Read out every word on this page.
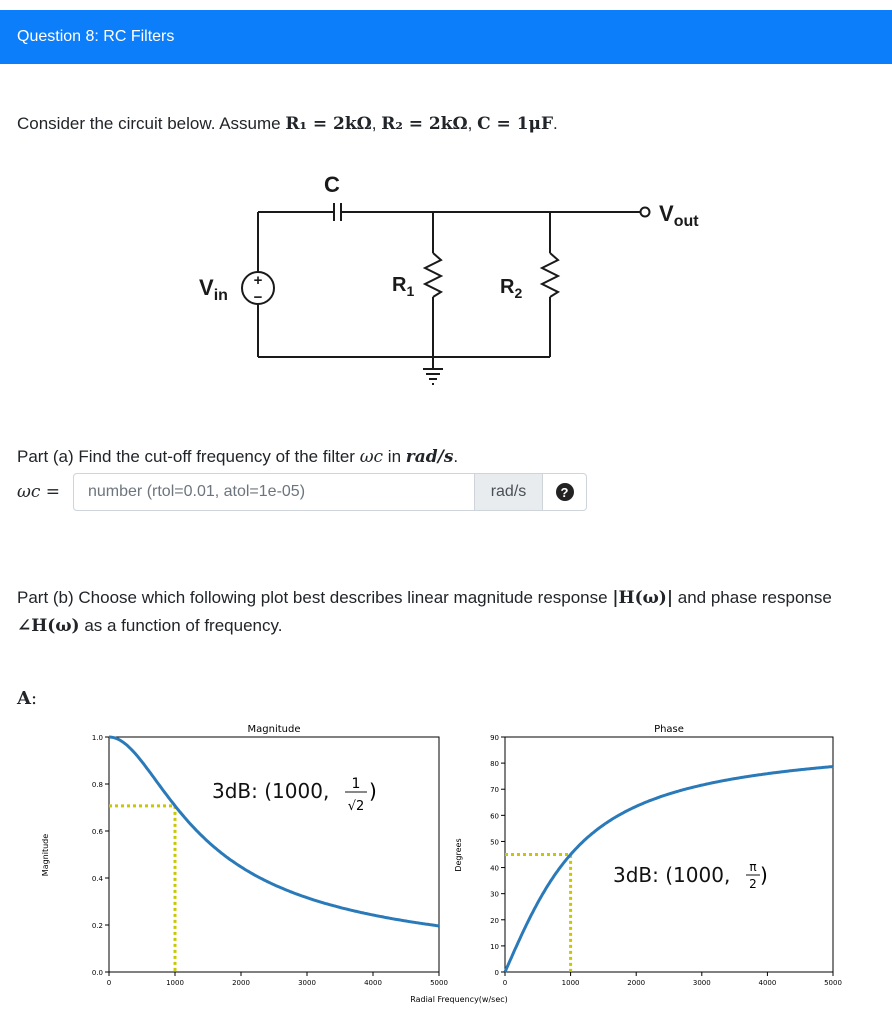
Question 8: RC Filters
Consider the circuit below. Assume R₁ = 2kΩ, R₂ = 2kΩ, C = 1μF.
+
−
C
$V_{out}$
$V_{in}$	$R_1$	$R_2$
Part (a) Find the cut-off frequency of the filter ωc in rad/s.
ωc =	number (rtol=0.01, atol=1e-05)	rad/s	?
Part (b) Choose which following plot best describes linear magnitude response |H(ω)| and phase response ∠H(ω) as a function of frequency.
A:
0.0
0.2
0.4
0.6
0.8
1.0
0	1000	2000	3000	4000	5000
0
10
20
30
40
50
60
70
80
90
0	1000	2000	3000	4000	5000
Magnitude	Phase
Magnitude	Degrees
Radial Frequency(w/sec)
3dB: (1000, 1
√2
)
3dB: (1000, π
2 )
